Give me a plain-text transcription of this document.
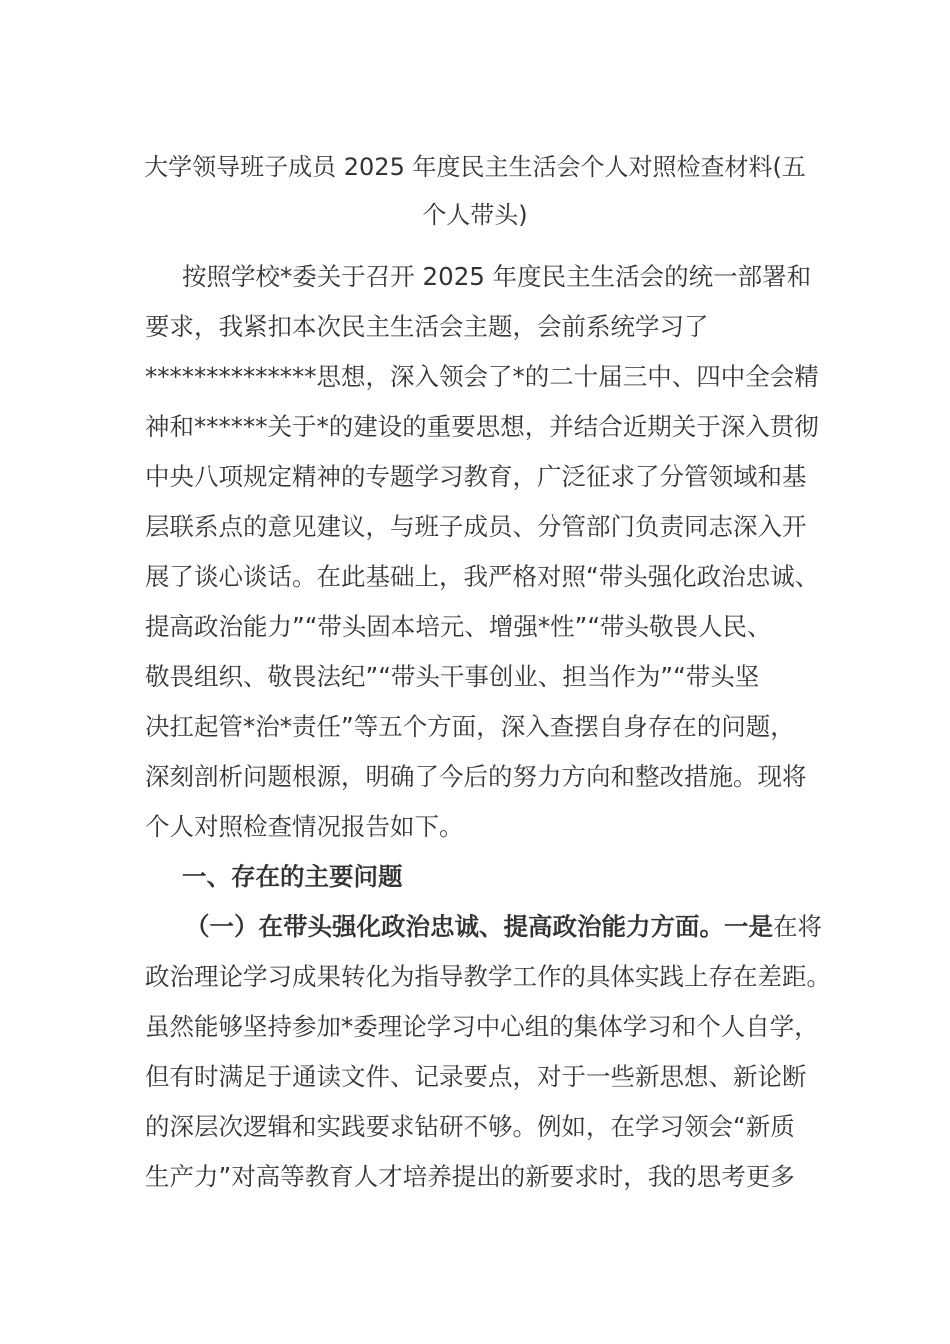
大学领导班子成员 2025 年度民主生活会个人对照检查材料(五
个人带头)
按照学校*委关于召开 2025 年度民主生活会的统一部署和
要求，我紧扣本次民主生活会主题，会前系统学习了
**************思想，深入领会了*的二十届三中、四中全会精
神和******关于*的建设的重要思想，并结合近期关于深入贯彻
中央八项规定精神的专题学习教育，广泛征求了分管领域和基
层联系点的意见建议，与班子成员、分管部门负责同志深入开
展了谈心谈话。在此基础上，我严格对照“带头强化政治忠诚、
提高政治能力”“带头固本培元、增强*性”“带头敬畏人民、
敬畏组织、敬畏法纪”“带头干事创业、担当作为”“带头坚
决扛起管*治*责任”等五个方面，深入查摆自身存在的问题，
深刻剖析问题根源，明确了今后的努力方向和整改措施。现将
个人对照检查情况报告如下。
一、存在的主要问题
（一）在带头强化政治忠诚、提高政治能力方面。一是在将
政治理论学习成果转化为指导教学工作的具体实践上存在差距。
虽然能够坚持参加*委理论学习中心组的集体学习和个人自学，
但有时满足于通读文件、记录要点，对于一些新思想、新论断
的深层次逻辑和实践要求钻研不够。例如，在学习领会“新质
生产力”对高等教育人才培养提出的新要求时，我的思考更多
